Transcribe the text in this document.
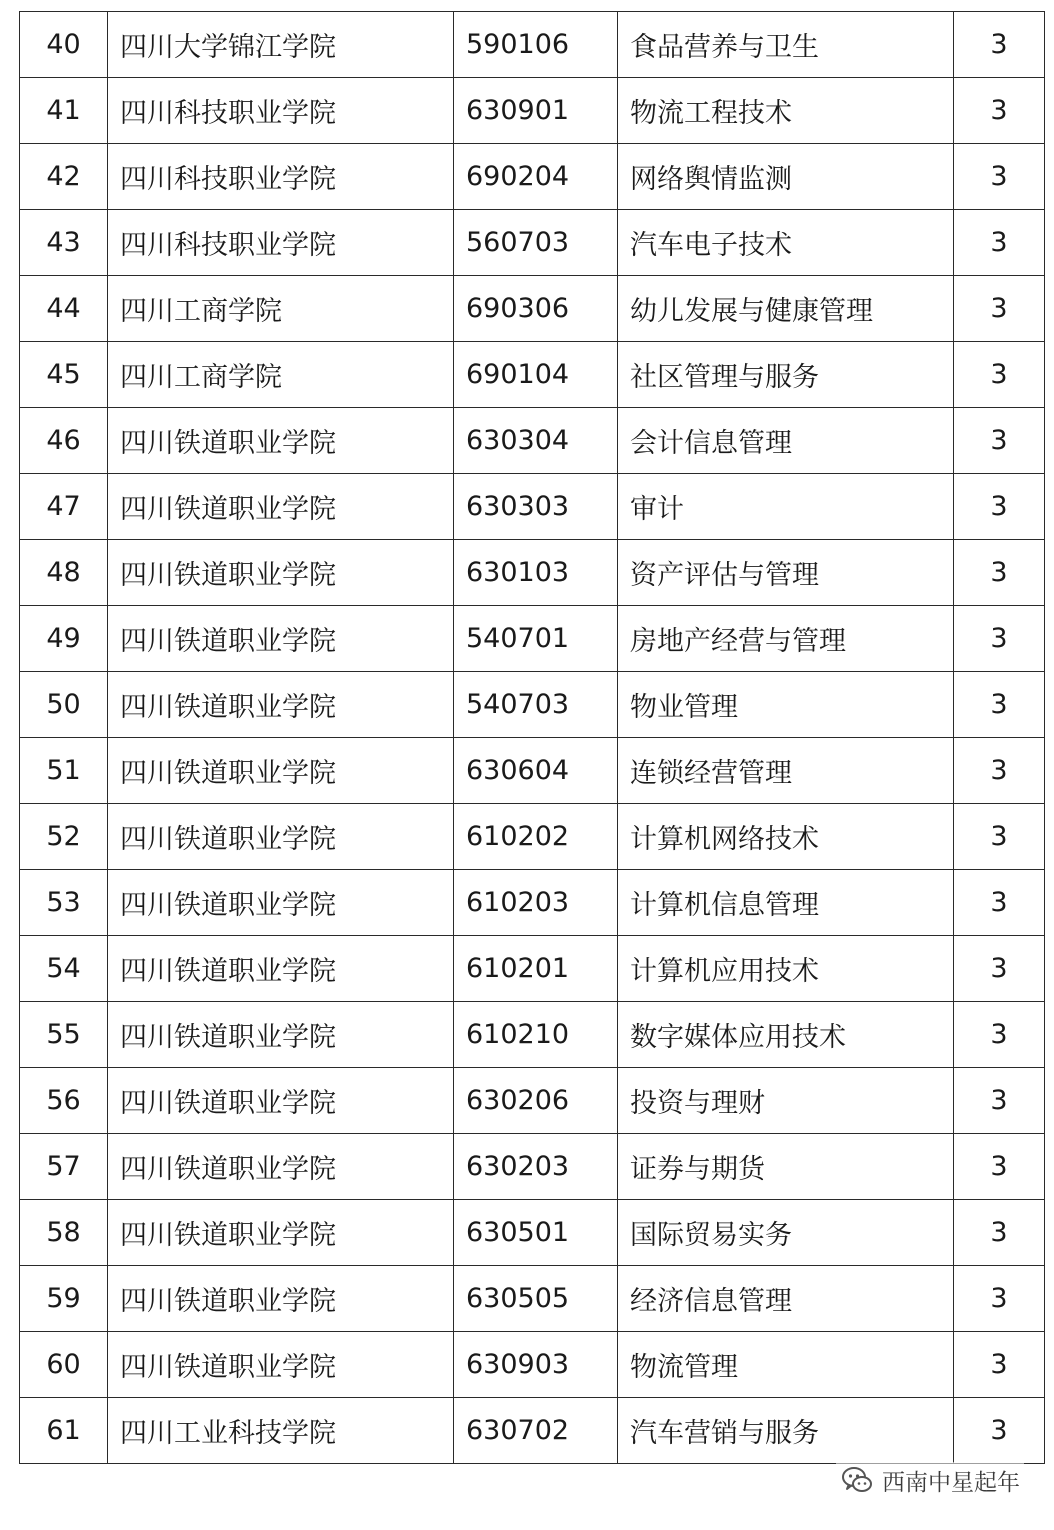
40	四川大学锦江学院	590106	食品营养与卫生	3
41	四川科技职业学院	630901	物流工程技术	3
42	四川科技职业学院	690204	网络舆情监测	3
43	四川科技职业学院	560703	汽车电子技术	3
44	四川工商学院	690306	幼儿发展与健康管理	3
45	四川工商学院	690104	社区管理与服务	3
46	四川铁道职业学院	630304	会计信息管理	3
47	四川铁道职业学院	630303	审计	3
48	四川铁道职业学院	630103	资产评估与管理	3
49	四川铁道职业学院	540701	房地产经营与管理	3
50	四川铁道职业学院	540703	物业管理	3
51	四川铁道职业学院	630604	连锁经营管理	3
52	四川铁道职业学院	610202	计算机网络技术	3
53	四川铁道职业学院	610203	计算机信息管理	3
54	四川铁道职业学院	610201	计算机应用技术	3
55	四川铁道职业学院	610210	数字媒体应用技术	3
56	四川铁道职业学院	630206	投资与理财	3
57	四川铁道职业学院	630203	证券与期货	3
58	四川铁道职业学院	630501	国际贸易实务	3
59	四川铁道职业学院	630505	经济信息管理	3
60	四川铁道职业学院	630903	物流管理	3
61	四川工业科技学院	630702	汽车营销与服务	3
西南中星起年
